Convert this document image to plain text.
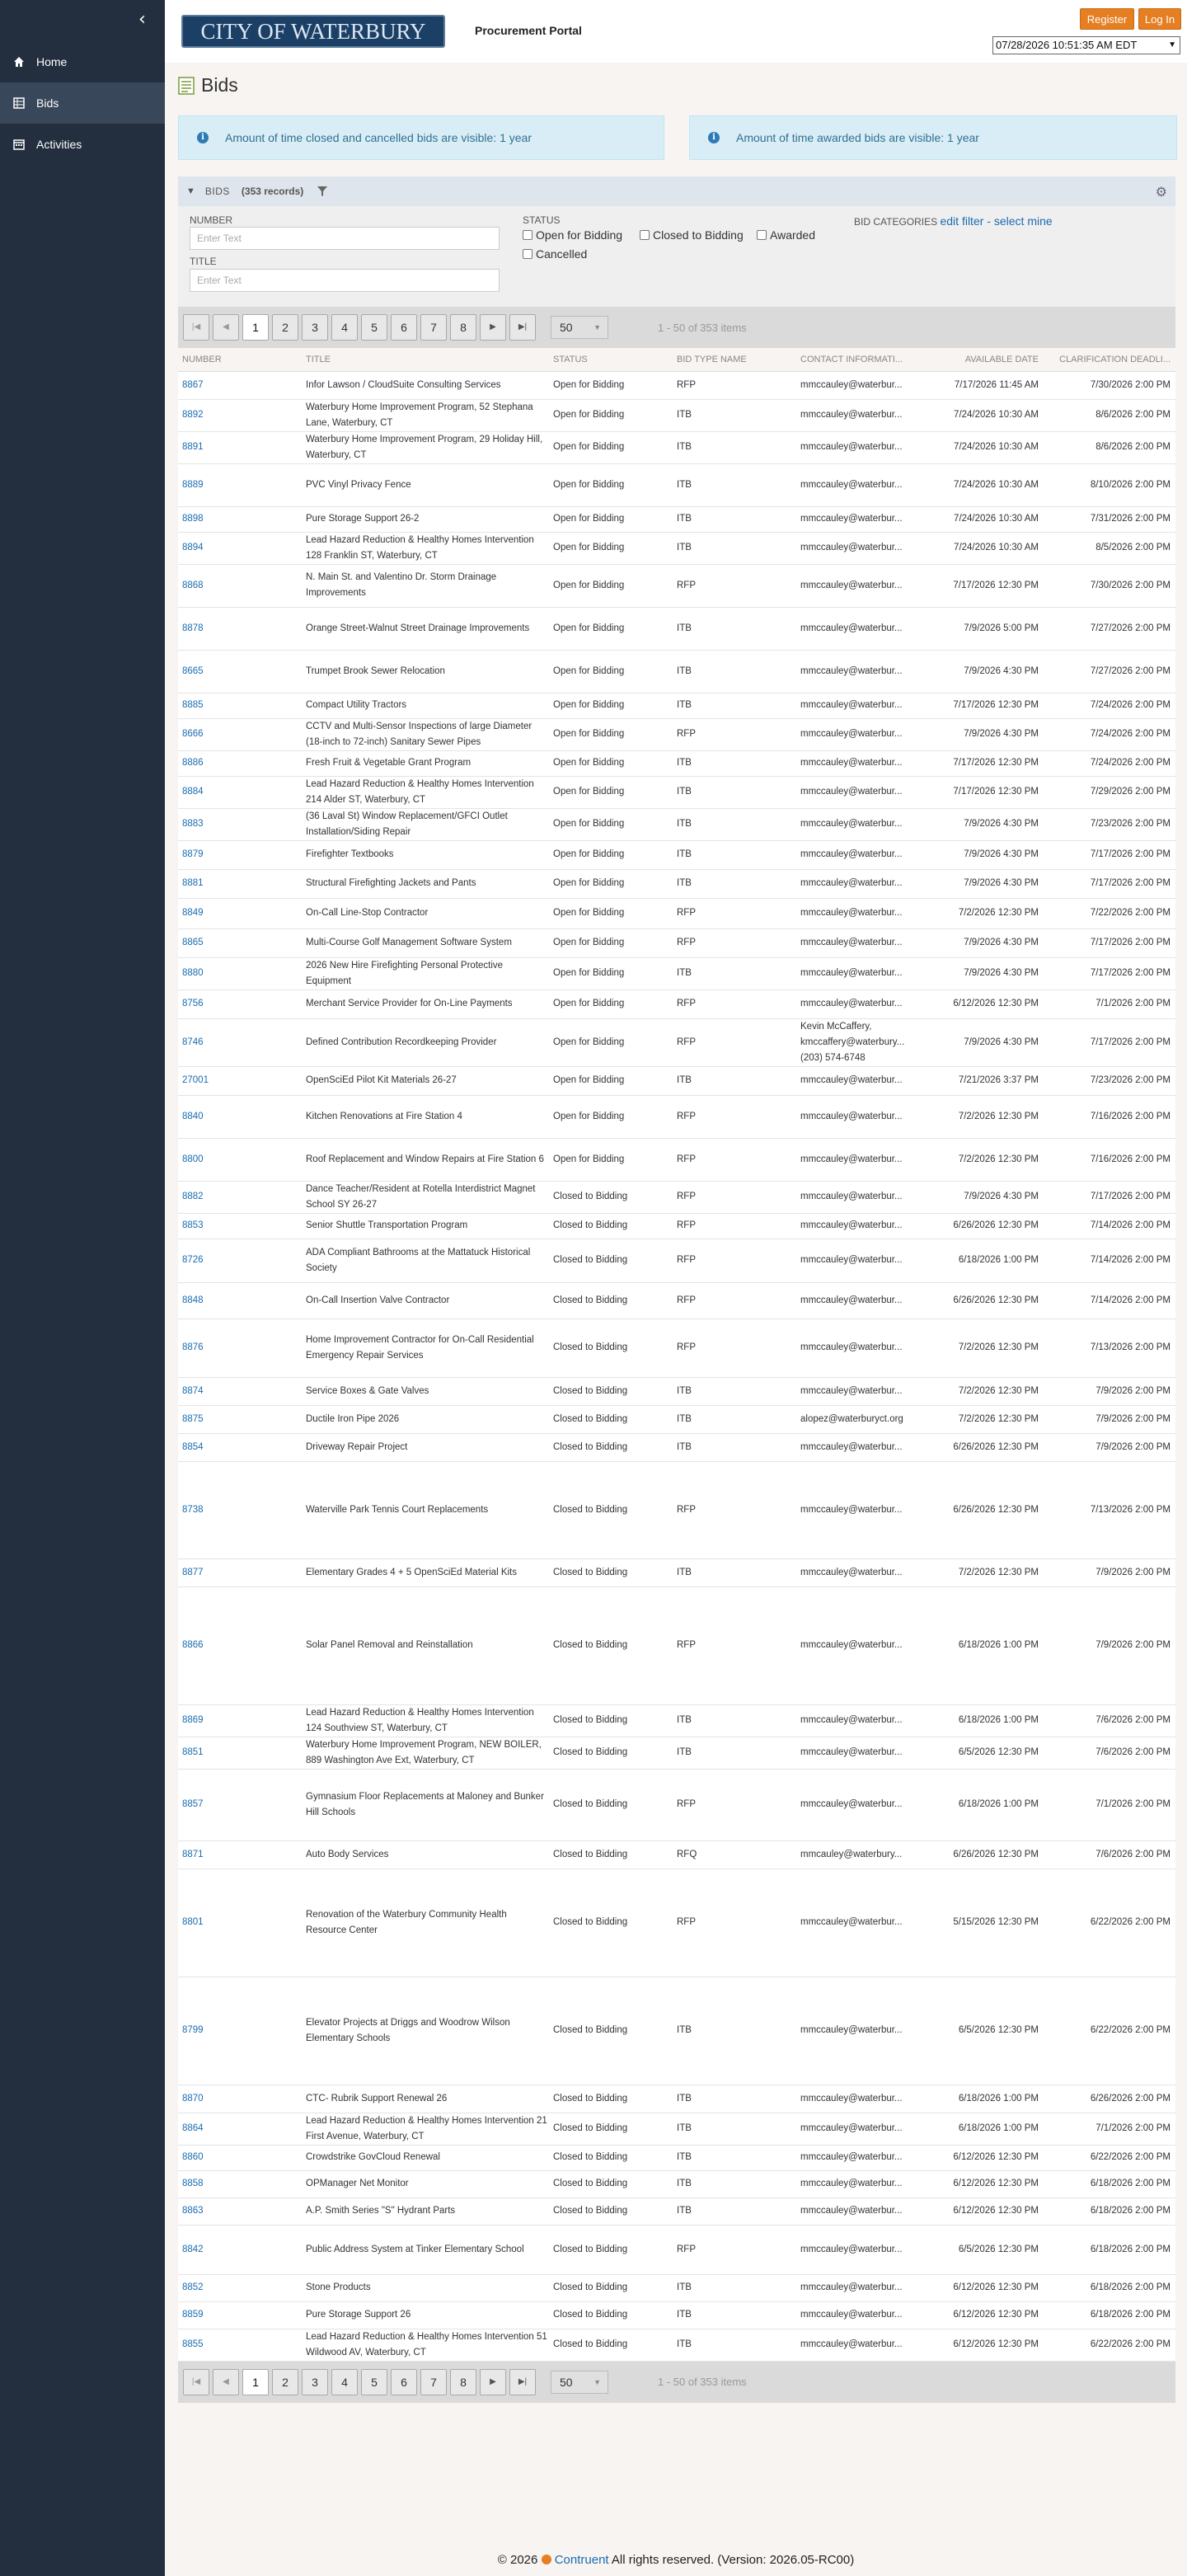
‹
Home
Bids
Activities
CITY OF WATERBURY	Procurement Portal
Register	Log In
07/28/2026 10:51:35 AM EDT	▼
Bids
i	Amount of time closed and cancelled bids are visible: 1 year	i	Amount of time awarded bids are visible: 1 year
▼ BIDS (353 records)	⚙
NUMBER
Enter Text
TITLE
Enter Text
STATUS
Open for Bidding	Closed to Bidding Awarded
Cancelled
BID CATEGORIES edit filter - select mine
|◀	◀	1	2	3	4	5	6	7	8	▶	▶|	50	▼	1 - 50 of 353 items
NUMBER	TITLE	STATUS	BID TYPE NAME	CONTACT INFORMATI...	AVAILABLE DATE	CLARIFICATION DEADLI...
8867	Infor Lawson / CloudSuite Consulting Services	Open for Bidding	RFP	mmccauley@waterbur...	7/17/2026 11:45 AM	7/30/2026 2:00 PM
8892	Waterbury Home Improvement Program, 52 Stephana Lane, Waterbury, CT	Open for Bidding	ITB	mmccauley@waterbur...	7/24/2026 10:30 AM	8/6/2026 2:00 PM
8891	Waterbury Home Improvement Program, 29 Holiday Hill, Waterbury, CT	Open for Bidding	ITB	mmccauley@waterbur...	7/24/2026 10:30 AM	8/6/2026 2:00 PM
8889	PVC Vinyl Privacy Fence	Open for Bidding	ITB	mmccauley@waterbur...	7/24/2026 10:30 AM	8/10/2026 2:00 PM
8898	Pure Storage Support 26-2	Open for Bidding	ITB	mmccauley@waterbur...	7/24/2026 10:30 AM	7/31/2026 2:00 PM
8894	Lead Hazard Reduction & Healthy Homes Intervention 128 Franklin ST, Waterbury, CT	Open for Bidding	ITB	mmccauley@waterbur...	7/24/2026 10:30 AM	8/5/2026 2:00 PM
8868	N. Main St. and Valentino Dr. Storm Drainage Improvements	Open for Bidding	RFP	mmccauley@waterbur...	7/17/2026 12:30 PM	7/30/2026 2:00 PM
8878	Orange Street-Walnut Street Drainage Improvements	Open for Bidding	ITB	mmccauley@waterbur...	7/9/2026 5:00 PM	7/27/2026 2:00 PM
8665	Trumpet Brook Sewer Relocation	Open for Bidding	ITB	mmccauley@waterbur...	7/9/2026 4:30 PM	7/27/2026 2:00 PM
8885	Compact Utility Tractors	Open for Bidding	ITB	mmccauley@waterbur...	7/17/2026 12:30 PM	7/24/2026 2:00 PM
8666	CCTV and Multi-Sensor Inspections of large Diameter (18-inch to 72-inch) Sanitary Sewer Pipes	Open for Bidding	RFP	mmccauley@waterbur...	7/9/2026 4:30 PM	7/24/2026 2:00 PM
8886	Fresh Fruit & Vegetable Grant Program	Open for Bidding	ITB	mmccauley@waterbur...	7/17/2026 12:30 PM	7/24/2026 2:00 PM
8884	Lead Hazard Reduction & Healthy Homes Intervention 214 Alder ST, Waterbury, CT	Open for Bidding	ITB	mmccauley@waterbur...	7/17/2026 12:30 PM	7/29/2026 2:00 PM
8883	(36 Laval St) Window Replacement/GFCI Outlet Installation/Siding Repair	Open for Bidding	ITB	mmccauley@waterbur...	7/9/2026 4:30 PM	7/23/2026 2:00 PM
8879	Firefighter Textbooks	Open for Bidding	ITB	mmccauley@waterbur...	7/9/2026 4:30 PM	7/17/2026 2:00 PM
8881	Structural Firefighting Jackets and Pants	Open for Bidding	ITB	mmccauley@waterbur...	7/9/2026 4:30 PM	7/17/2026 2:00 PM
8849	On-Call Line-Stop Contractor	Open for Bidding	RFP	mmccauley@waterbur...	7/2/2026 12:30 PM	7/22/2026 2:00 PM
8865	Multi-Course Golf Management Software System	Open for Bidding	RFP	mmccauley@waterbur...	7/9/2026 4:30 PM	7/17/2026 2:00 PM
8880	2026 New Hire Firefighting Personal Protective Equipment	Open for Bidding	ITB	mmccauley@waterbur...	7/9/2026 4:30 PM	7/17/2026 2:00 PM
8756	Merchant Service Provider for On-Line Payments	Open for Bidding	RFP	mmccauley@waterbur...	6/12/2026 12:30 PM	7/1/2026 2:00 PM
8746	Defined Contribution Recordkeeping Provider	Open for Bidding	RFP	Kevin McCaffery, kmccaffery@waterbury... (203) 574-6748	7/9/2026 4:30 PM	7/17/2026 2:00 PM
27001	OpenSciEd Pilot Kit Materials 26-27	Open for Bidding	ITB	mmccauley@waterbur...	7/21/2026 3:37 PM	7/23/2026 2:00 PM
8840	Kitchen Renovations at Fire Station 4	Open for Bidding	RFP	mmccauley@waterbur...	7/2/2026 12:30 PM	7/16/2026 2:00 PM
8800	Roof Replacement and Window Repairs at Fire Station 6	Open for Bidding	RFP	mmccauley@waterbur...	7/2/2026 12:30 PM	7/16/2026 2:00 PM
8882	Dance Teacher/Resident at Rotella Interdistrict Magnet School SY 26-27	Closed to Bidding	RFP	mmccauley@waterbur...	7/9/2026 4:30 PM	7/17/2026 2:00 PM
8853	Senior Shuttle Transportation Program	Closed to Bidding	RFP	mmccauley@waterbur...	6/26/2026 12:30 PM	7/14/2026 2:00 PM
8726	ADA Compliant Bathrooms at the Mattatuck Historical Society	Closed to Bidding	RFP	mmccauley@waterbur...	6/18/2026 1:00 PM	7/14/2026 2:00 PM
8848	On-Call Insertion Valve Contractor	Closed to Bidding	RFP	mmccauley@waterbur...	6/26/2026 12:30 PM	7/14/2026 2:00 PM
8876	Home Improvement Contractor for On-Call Residential Emergency Repair Services	Closed to Bidding	RFP	mmccauley@waterbur...	7/2/2026 12:30 PM	7/13/2026 2:00 PM
8874	Service Boxes & Gate Valves	Closed to Bidding	ITB	mmccauley@waterbur...	7/2/2026 12:30 PM	7/9/2026 2:00 PM
8875	Ductile Iron Pipe 2026	Closed to Bidding	ITB	alopez@waterburyct.org	7/2/2026 12:30 PM	7/9/2026 2:00 PM
8854	Driveway Repair Project	Closed to Bidding	ITB	mmccauley@waterbur...	6/26/2026 12:30 PM	7/9/2026 2:00 PM
8738	Waterville Park Tennis Court Replacements	Closed to Bidding	RFP	mmccauley@waterbur...	6/26/2026 12:30 PM	7/13/2026 2:00 PM
8877	Elementary Grades 4 + 5 OpenSciEd Material Kits	Closed to Bidding	ITB	mmccauley@waterbur...	7/2/2026 12:30 PM	7/9/2026 2:00 PM
8866	Solar Panel Removal and Reinstallation	Closed to Bidding	RFP	mmccauley@waterbur...	6/18/2026 1:00 PM	7/9/2026 2:00 PM
8869	Lead Hazard Reduction & Healthy Homes Intervention 124 Southview ST, Waterbury, CT	Closed to Bidding	ITB	mmccauley@waterbur...	6/18/2026 1:00 PM	7/6/2026 2:00 PM
8851	Waterbury Home Improvement Program, NEW BOILER, 889 Washington Ave Ext, Waterbury, CT	Closed to Bidding	ITB	mmccauley@waterbur...	6/5/2026 12:30 PM	7/6/2026 2:00 PM
8857	Gymnasium Floor Replacements at Maloney and Bunker Hill Schools	Closed to Bidding	RFP	mmccauley@waterbur...	6/18/2026 1:00 PM	7/1/2026 2:00 PM
8871	Auto Body Services	Closed to Bidding	RFQ	mmcauley@waterbury...	6/26/2026 12:30 PM	7/6/2026 2:00 PM
8801	Renovation of the Waterbury Community Health Resource Center	Closed to Bidding	RFP	mmccauley@waterbur...	5/15/2026 12:30 PM	6/22/2026 2:00 PM
8799	Elevator Projects at Driggs and Woodrow Wilson Elementary Schools	Closed to Bidding	ITB	mmccauley@waterbur...	6/5/2026 12:30 PM	6/22/2026 2:00 PM
8870	CTC- Rubrik Support Renewal 26	Closed to Bidding	ITB	mmccauley@waterbur...	6/18/2026 1:00 PM	6/26/2026 2:00 PM
8864	Lead Hazard Reduction & Healthy Homes Intervention 21 First Avenue, Waterbury, CT	Closed to Bidding	ITB	mmccauley@waterbur...	6/18/2026 1:00 PM	7/1/2026 2:00 PM
8860	Crowdstrike GovCloud Renewal	Closed to Bidding	ITB	mmccauley@waterbur...	6/12/2026 12:30 PM	6/22/2026 2:00 PM
8858	OPManager Net Monitor	Closed to Bidding	ITB	mmccauley@waterbur...	6/12/2026 12:30 PM	6/18/2026 2:00 PM
8863	A.P. Smith Series "S" Hydrant Parts	Closed to Bidding	ITB	mmccauley@waterbur...	6/12/2026 12:30 PM	6/18/2026 2:00 PM
8842	Public Address System at Tinker Elementary School	Closed to Bidding	RFP	mmccauley@waterbur...	6/5/2026 12:30 PM	6/18/2026 2:00 PM
8852	Stone Products	Closed to Bidding	ITB	mmccauley@waterbur...	6/12/2026 12:30 PM	6/18/2026 2:00 PM
8859	Pure Storage Support 26	Closed to Bidding	ITB	mmccauley@waterbur...	6/12/2026 12:30 PM	6/18/2026 2:00 PM
8855	Lead Hazard Reduction & Healthy Homes Intervention 51 Wildwood AV, Waterbury, CT	Closed to Bidding	ITB	mmccauley@waterbur...	6/12/2026 12:30 PM	6/22/2026 2:00 PM
|◀	◀	1	2	3	4	5	6	7	8	▶	▶|	50	▼	1 - 50 of 353 items
© 2026 Contruent All rights reserved. (Version: 2026.05-RC00)
